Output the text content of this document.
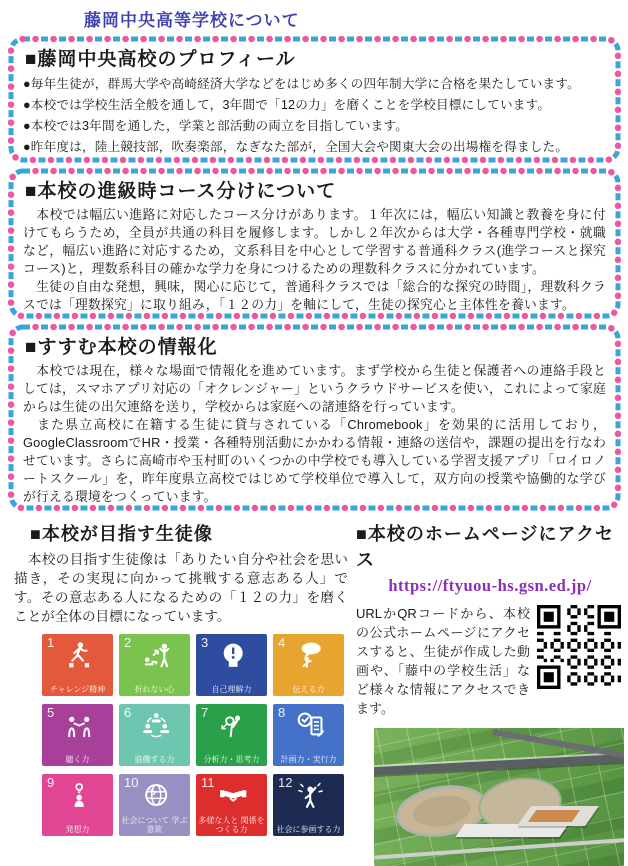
藤岡中央高等学校について
■藤岡中央高校のプロフィール
●毎年生徒が，群馬大学や高崎経済大学などをはじめ多くの四年制大学に合格を果たしています。
●本校では学校生活全般を通して，3年間で「12の力」を磨くことを学校目標にしています。
●本校では3年間を通した，学業と部活動の両立を目指しています。
●昨年度は，陸上競技部，吹奏楽部，なぎなた部が，全国大会や関東大会の出場権を得ました。
■本校の進級時コース分けについて
　本校では幅広い進路に対応したコース分けがあります。１年次には，幅広い知識と教養を身に付けてもらうため，全員が共通の科目を履修します。しかし２年次からは大学・各種専門学校・就職など，幅広い進路に対応するため，文系科目を中心として学習する普通科クラス(進学コースと探究コース)と，理数系科目の確かな学力を身につけるための理数科クラスに分かれています。
　生徒の自由な発想，興味，関心に応じて，普通科クラスでは「総合的な探究の時間」，理数科クラスでは「理数探究」に取り組み，「１２の力」を軸にして，生徒の探究心と主体性を養います。
■すすむ本校の情報化
　本校では現在，様々な場面で情報化を進めています。まず学校から生徒と保護者への連絡手段としては，スマホアプリ対応の「オクレンジャー」というクラウドサービスを使い，これによって家庭からは生徒の出欠連絡を送り，学校からは家庭への諸連絡を行っています。
　また県立高校に在籍する生徒に貸与されている「Chromebook」を効果的に活用しており，GoogleClassroomでHR・授業・各種特別活動にかかわる情報・連絡の送信や，課題の提出を行なわせています。さらに高崎市や玉村町のいくつかの中学校でも導入している学習支援アプリ「ロイロノートスクール」を，昨年度県立高校ではじめて学校単位で導入して，双方向の授業や協働的な学びが行える環境をつくっています。
■本校が目指す生徒像
　本校の目指す生徒像は「ありたい自分や社会を思い描き，その実現に向かって挑戦する意志ある人」です。その意志ある人になるための「１２の力」を磨くことが全体の目標になっています。
1
チャレンジ精神
2
折れない心
3
自己理解力
4
伝える力
5
聴く力
6
協働する力
7
分析力・思考力
8
計画力・実行力
9
発想力
10
社会について 学ぶ意欲
11
多様な人と 関係をつくる力
12
社会に参画する力
■本校のホームページにアクセス
https://ftyuou-hs.gsn.ed.jp/
URLかQRコードから、本校の公式ホームページにアクセスすると、生徒が作成した動画や、「藤中の学校生活」など様々な情報にアクセスできます。
